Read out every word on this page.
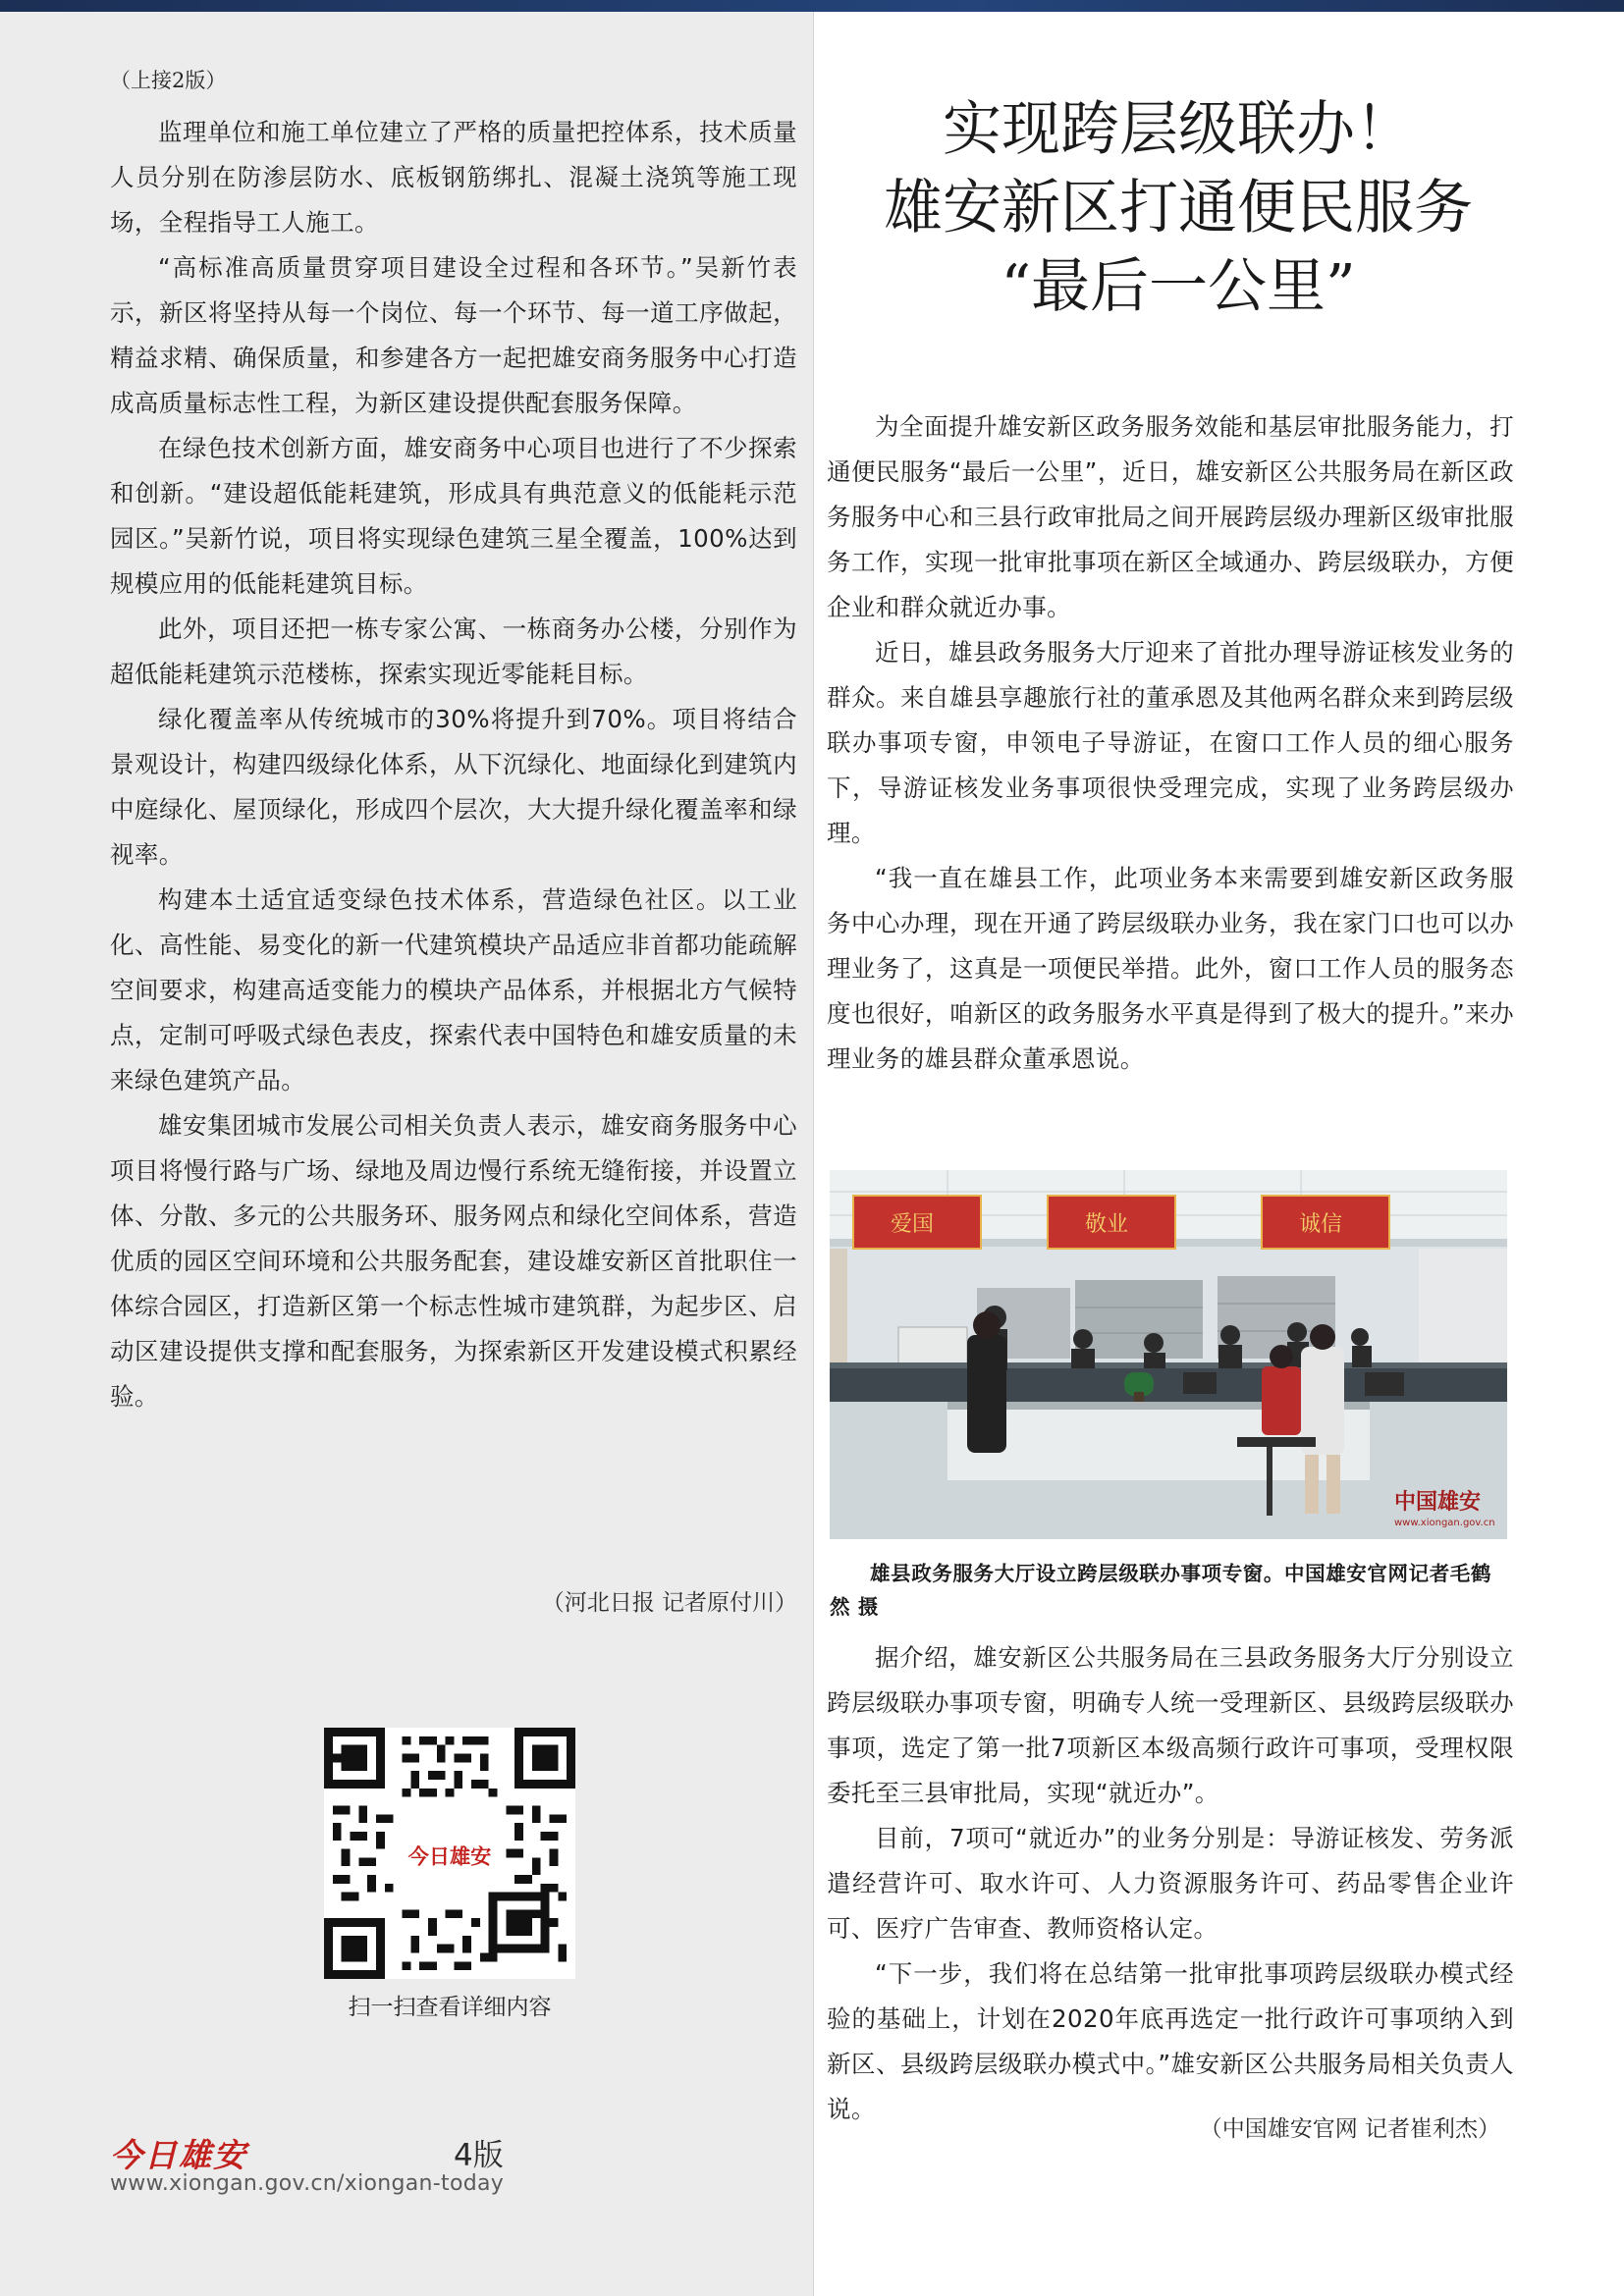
（上接2版）

监理单位和施工单位建立了严格的质量把控体系，技术质量人员分别在防渗层防水、底板钢筋绑扎、混凝土浇筑等施工现场，全程指导工人施工。

“高标准高质量贯穿项目建设全过程和各环节。”吴新竹表示，新区将坚持从每一个岗位、每一个环节、每一道工序做起，精益求精、确保质量，和参建各方一起把雄安商务服务中心打造成高质量标志性工程，为新区建设提供配套服务保障。

在绿色技术创新方面，雄安商务中心项目也进行了不少探索和创新。“建设超低能耗建筑，形成具有典范意义的低能耗示范园区。”吴新竹说，项目将实现绿色建筑三星全覆盖，100%达到规模应用的低能耗建筑目标。

此外，项目还把一栋专家公寓、一栋商务办公楼，分别作为超低能耗建筑示范楼栋，探索实现近零能耗目标。

绿化覆盖率从传统城市的30%将提升到70%。项目将结合景观设计，构建四级绿化体系，从下沉绿化、地面绿化到建筑内中庭绿化、屋顶绿化，形成四个层次，大大提升绿化覆盖率和绿视率。

构建本土适宜适变绿色技术体系，营造绿色社区。以工业化、高性能、易变化的新一代建筑模块产品适应非首都功能疏解空间要求，构建高适变能力的模块产品体系，并根据北方气候特点，定制可呼吸式绿色表皮，探索代表中国特色和雄安质量的未来绿色建筑产品。

雄安集团城市发展公司相关负责人表示，雄安商务服务中心项目将慢行路与广场、绿地及周边慢行系统无缝衔接，并设置立体、分散、多元的公共服务环、服务网点和绿化空间体系，营造优质的园区空间环境和公共服务配套，建设雄安新区首批职住一体综合园区，打造新区第一个标志性城市建筑群，为起步区、启动区建设提供支撑和配套服务，为探索新区开发建设模式积累经验。

（河北日报 记者原付川）
今日雄安
扫一扫查看详细内容
今日雄安	4版
www.xiongan.gov.cn/xiongan-today
实现跨层级联办！
雄安新区打通便民服务
“最后一公里”

为全面提升雄安新区政务服务效能和基层审批服务能力，打通便民服务“最后一公里”，近日，雄安新区公共服务局在新区政务服务中心和三县行政审批局之间开展跨层级办理新区级审批服务工作，实现一批审批事项在新区全域通办、跨层级联办，方便企业和群众就近办事。

近日，雄县政务服务大厅迎来了首批办理导游证核发业务的群众。来自雄县享趣旅行社的董承恩及其他两名群众来到跨层级联办事项专窗，申领电子导游证，在窗口工作人员的细心服务下，导游证核发业务事项很快受理完成，实现了业务跨层级办理。

“我一直在雄县工作，此项业务本来需要到雄安新区政务服务中心办理，现在开通了跨层级联办业务，我在家门口也可以办理业务了，这真是一项便民举措。此外，窗口工作人员的服务态度也很好，咱新区的政务服务水平真是得到了极大的提升。”来办理业务的雄县群众董承恩说。

爱国	敬业	诚信
中国雄安
www.xiongan.gov.cn
雄县政务服务大厅设立跨层级联办事项专窗。中国雄安官网记者毛鹤然 摄

据介绍，雄安新区公共服务局在三县政务服务大厅分别设立跨层级联办事项专窗，明确专人统一受理新区、县级跨层级联办事项，选定了第一批7项新区本级高频行政许可事项，受理权限委托至三县审批局，实现“就近办”。

目前，7项可“就近办”的业务分别是：导游证核发、劳务派遣经营许可、取水许可、人力资源服务许可、药品零售企业许可、医疗广告审查、教师资格认定。

“下一步，我们将在总结第一批审批事项跨层级联办模式经验的基础上，计划在2020年底再选定一批行政许可事项纳入到新区、县级跨层级联办模式中。”雄安新区公共服务局相关负责人说。

（中国雄安官网 记者崔利杰）
